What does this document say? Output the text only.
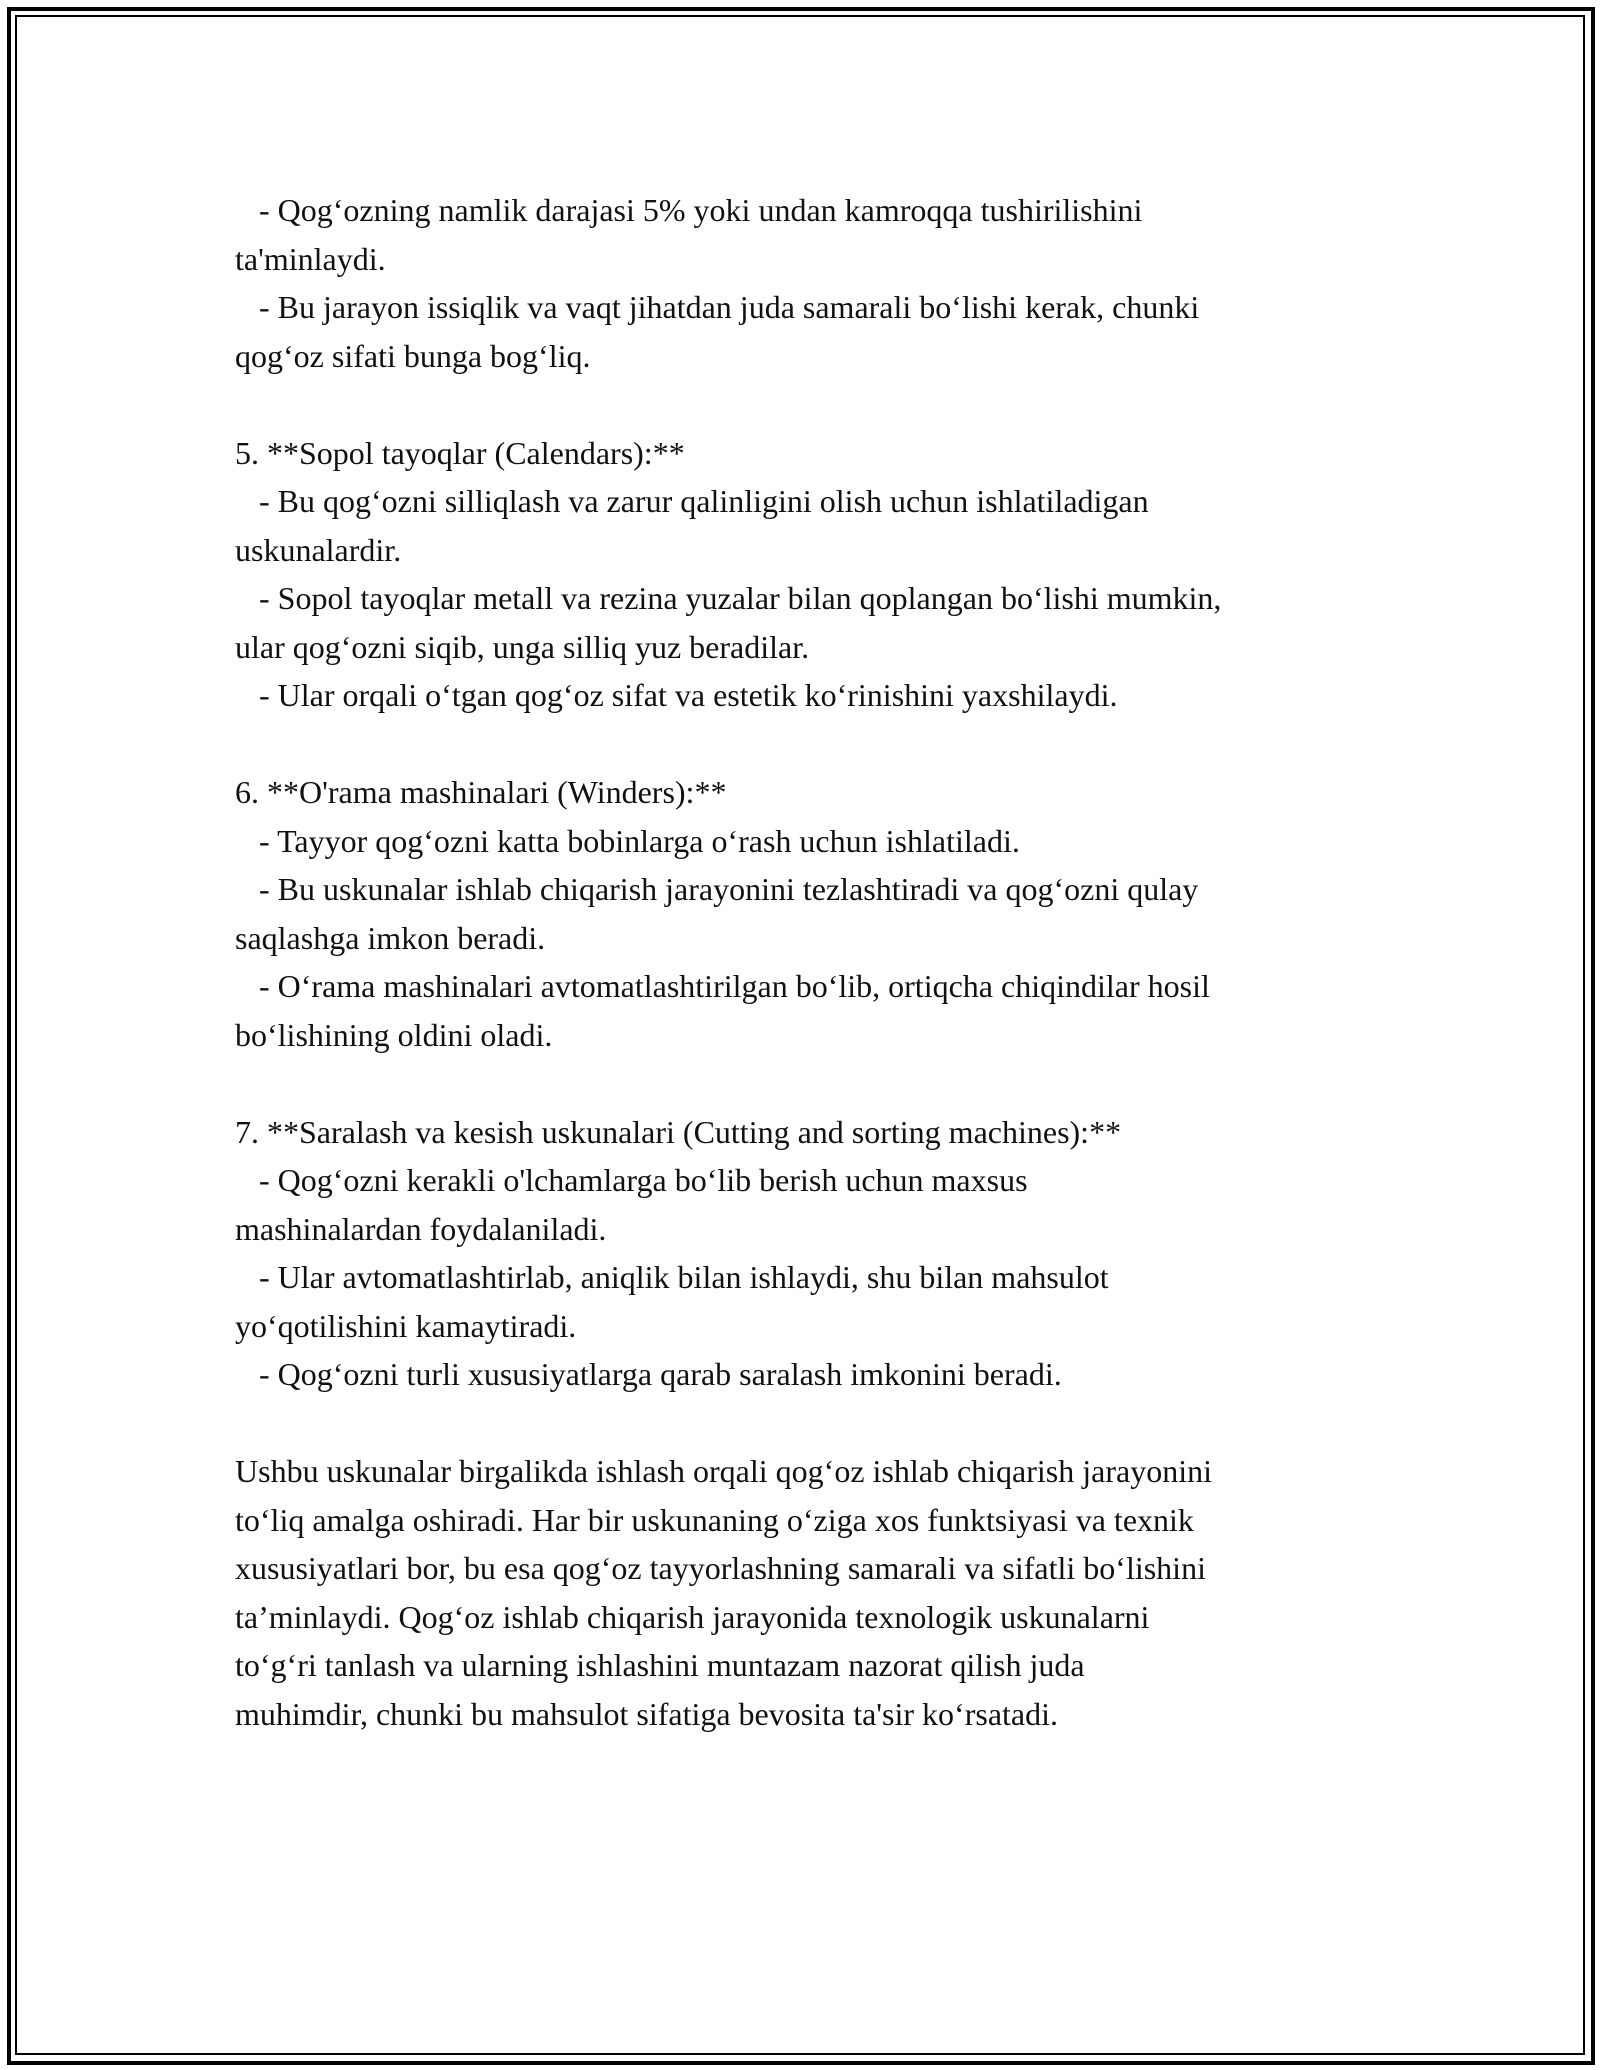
- Qog‘ozning namlik darajasi 5% yoki undan kamroqqa tushirilishini
ta'minlaydi.
- Bu jarayon issiqlik va vaqt jihatdan juda samarali bo‘lishi kerak, chunki
qog‘oz sifati bunga bog‘liq.
5. **Sopol tayoqlar (Calendars):**
- Bu qog‘ozni silliqlash va zarur qalinligini olish uchun ishlatiladigan
uskunalardir.
- Sopol tayoqlar metall va rezina yuzalar bilan qoplangan bo‘lishi mumkin,
ular qog‘ozni siqib, unga silliq yuz beradilar.
- Ular orqali o‘tgan qog‘oz sifat va estetik ko‘rinishini yaxshilaydi.
6. **O'rama mashinalari (Winders):**
- Tayyor qog‘ozni katta bobinlarga o‘rash uchun ishlatiladi.
- Bu uskunalar ishlab chiqarish jarayonini tezlashtiradi va qog‘ozni qulay
saqlashga imkon beradi.
- O‘rama mashinalari avtomatlashtirilgan bo‘lib, ortiqcha chiqindilar hosil
bo‘lishining oldini oladi.
7. **Saralash va kesish uskunalari (Cutting and sorting machines):**
- Qog‘ozni kerakli o'lchamlarga bo‘lib berish uchun maxsus
mashinalardan foydalaniladi.
- Ular avtomatlashtirlab, aniqlik bilan ishlaydi, shu bilan mahsulot
yo‘qotilishini kamaytiradi.
- Qog‘ozni turli xususiyatlarga qarab saralash imkonini beradi.
Ushbu uskunalar birgalikda ishlash orqali qog‘oz ishlab chiqarish jarayonini
to‘liq amalga oshiradi. Har bir uskunaning o‘ziga xos funktsiyasi va texnik
xususiyatlari bor, bu esa qog‘oz tayyorlashning samarali va sifatli bo‘lishini
ta’minlaydi. Qog‘oz ishlab chiqarish jarayonida texnologik uskunalarni
to‘g‘ri tanlash va ularning ishlashini muntazam nazorat qilish juda
muhimdir, chunki bu mahsulot sifatiga bevosita ta'sir ko‘rsatadi.
